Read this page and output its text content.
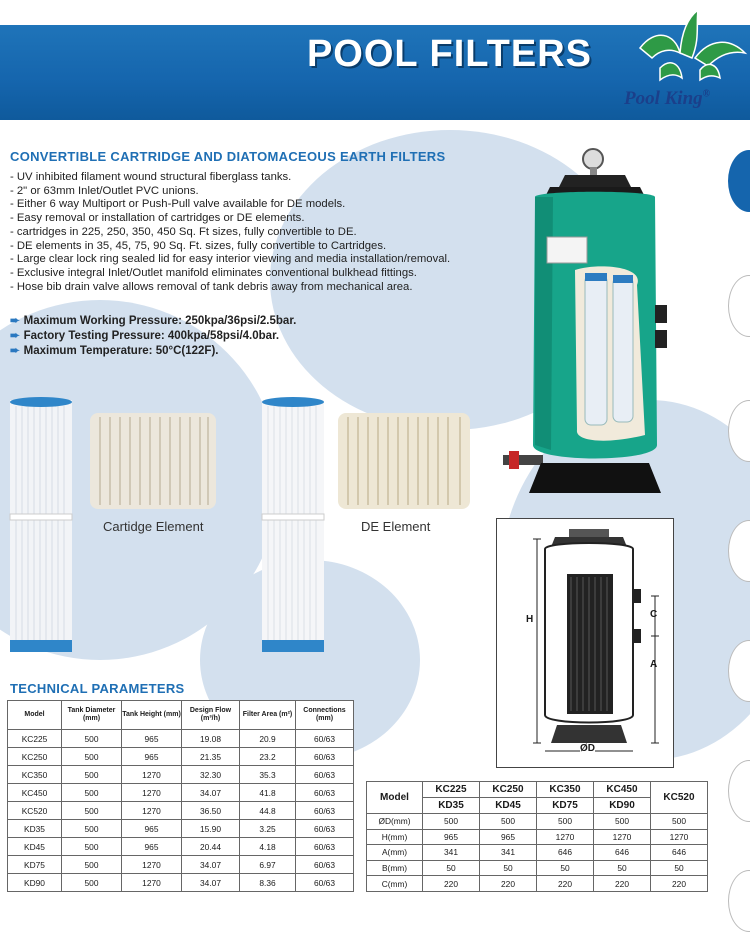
POOL FILTERS
Pool King®
CONVERTIBLE CARTRIDGE AND DIATOMACEOUS EARTH FILTERS
- UV inhibited filament wound structural fiberglass tanks.
- 2" or 63mm Inlet/Outlet PVC unions.
- Either 6 way Multiport or Push-Pull valve available for DE models.
- Easy removal or installation of cartridges or DE elements.
- cartridges in 225, 250, 350, 450 Sq. Ft sizes, fully convertible to DE.
- DE elements in 35, 45, 75, 90 Sq. Ft. sizes, fully convertible to Cartridges.
- Large clear lock ring sealed lid for easy interior viewing and media installation/removal.
- Exclusive integral Inlet/Outlet manifold eliminates conventional bulkhead fittings.
- Hose bib drain valve allows removal of tank debris away from mechanical area.
➨ Maximum Working Pressure: 250kpa/36psi/2.5bar.
➨ Factory Testing Pressure: 400kpa/58psi/4.0bar.
➨ Maximum Temperature: 50°C(122F).
Cartidge Element	DE Element
H	C
A
ØD
TECHNICAL PARAMETERS
Model	Tank Diameter (mm)	Tank Height (mm)	Design Flow (m³/h)	Filter Area (m²)	Connections (mm)
KC225	500	965	19.08	20.9	60/63
KC250	500	965	21.35	23.2	60/63
KC350	500	1270	32.30	35.3	60/63
KC450	500	1270	34.07	41.8	60/63
KC520	500	1270	36.50	44.8	60/63
KD35	500	965	15.90	3.25	60/63
KD45	500	965	20.44	4.18	60/63
KD75	500	1270	34.07	6.97	60/63
KD90	500	1270	34.07	8.36	60/63
Model	KC225	KC250	KC350	KC450	KC520
	KD35	KD45	KD75	KD90	
ØD(mm)	500	500	500	500	500
H(mm)	965	965	1270	1270	1270
A(mm)	341	341	646	646	646
B(mm)	50	50	50	50	50
C(mm)	220	220	220	220	220
